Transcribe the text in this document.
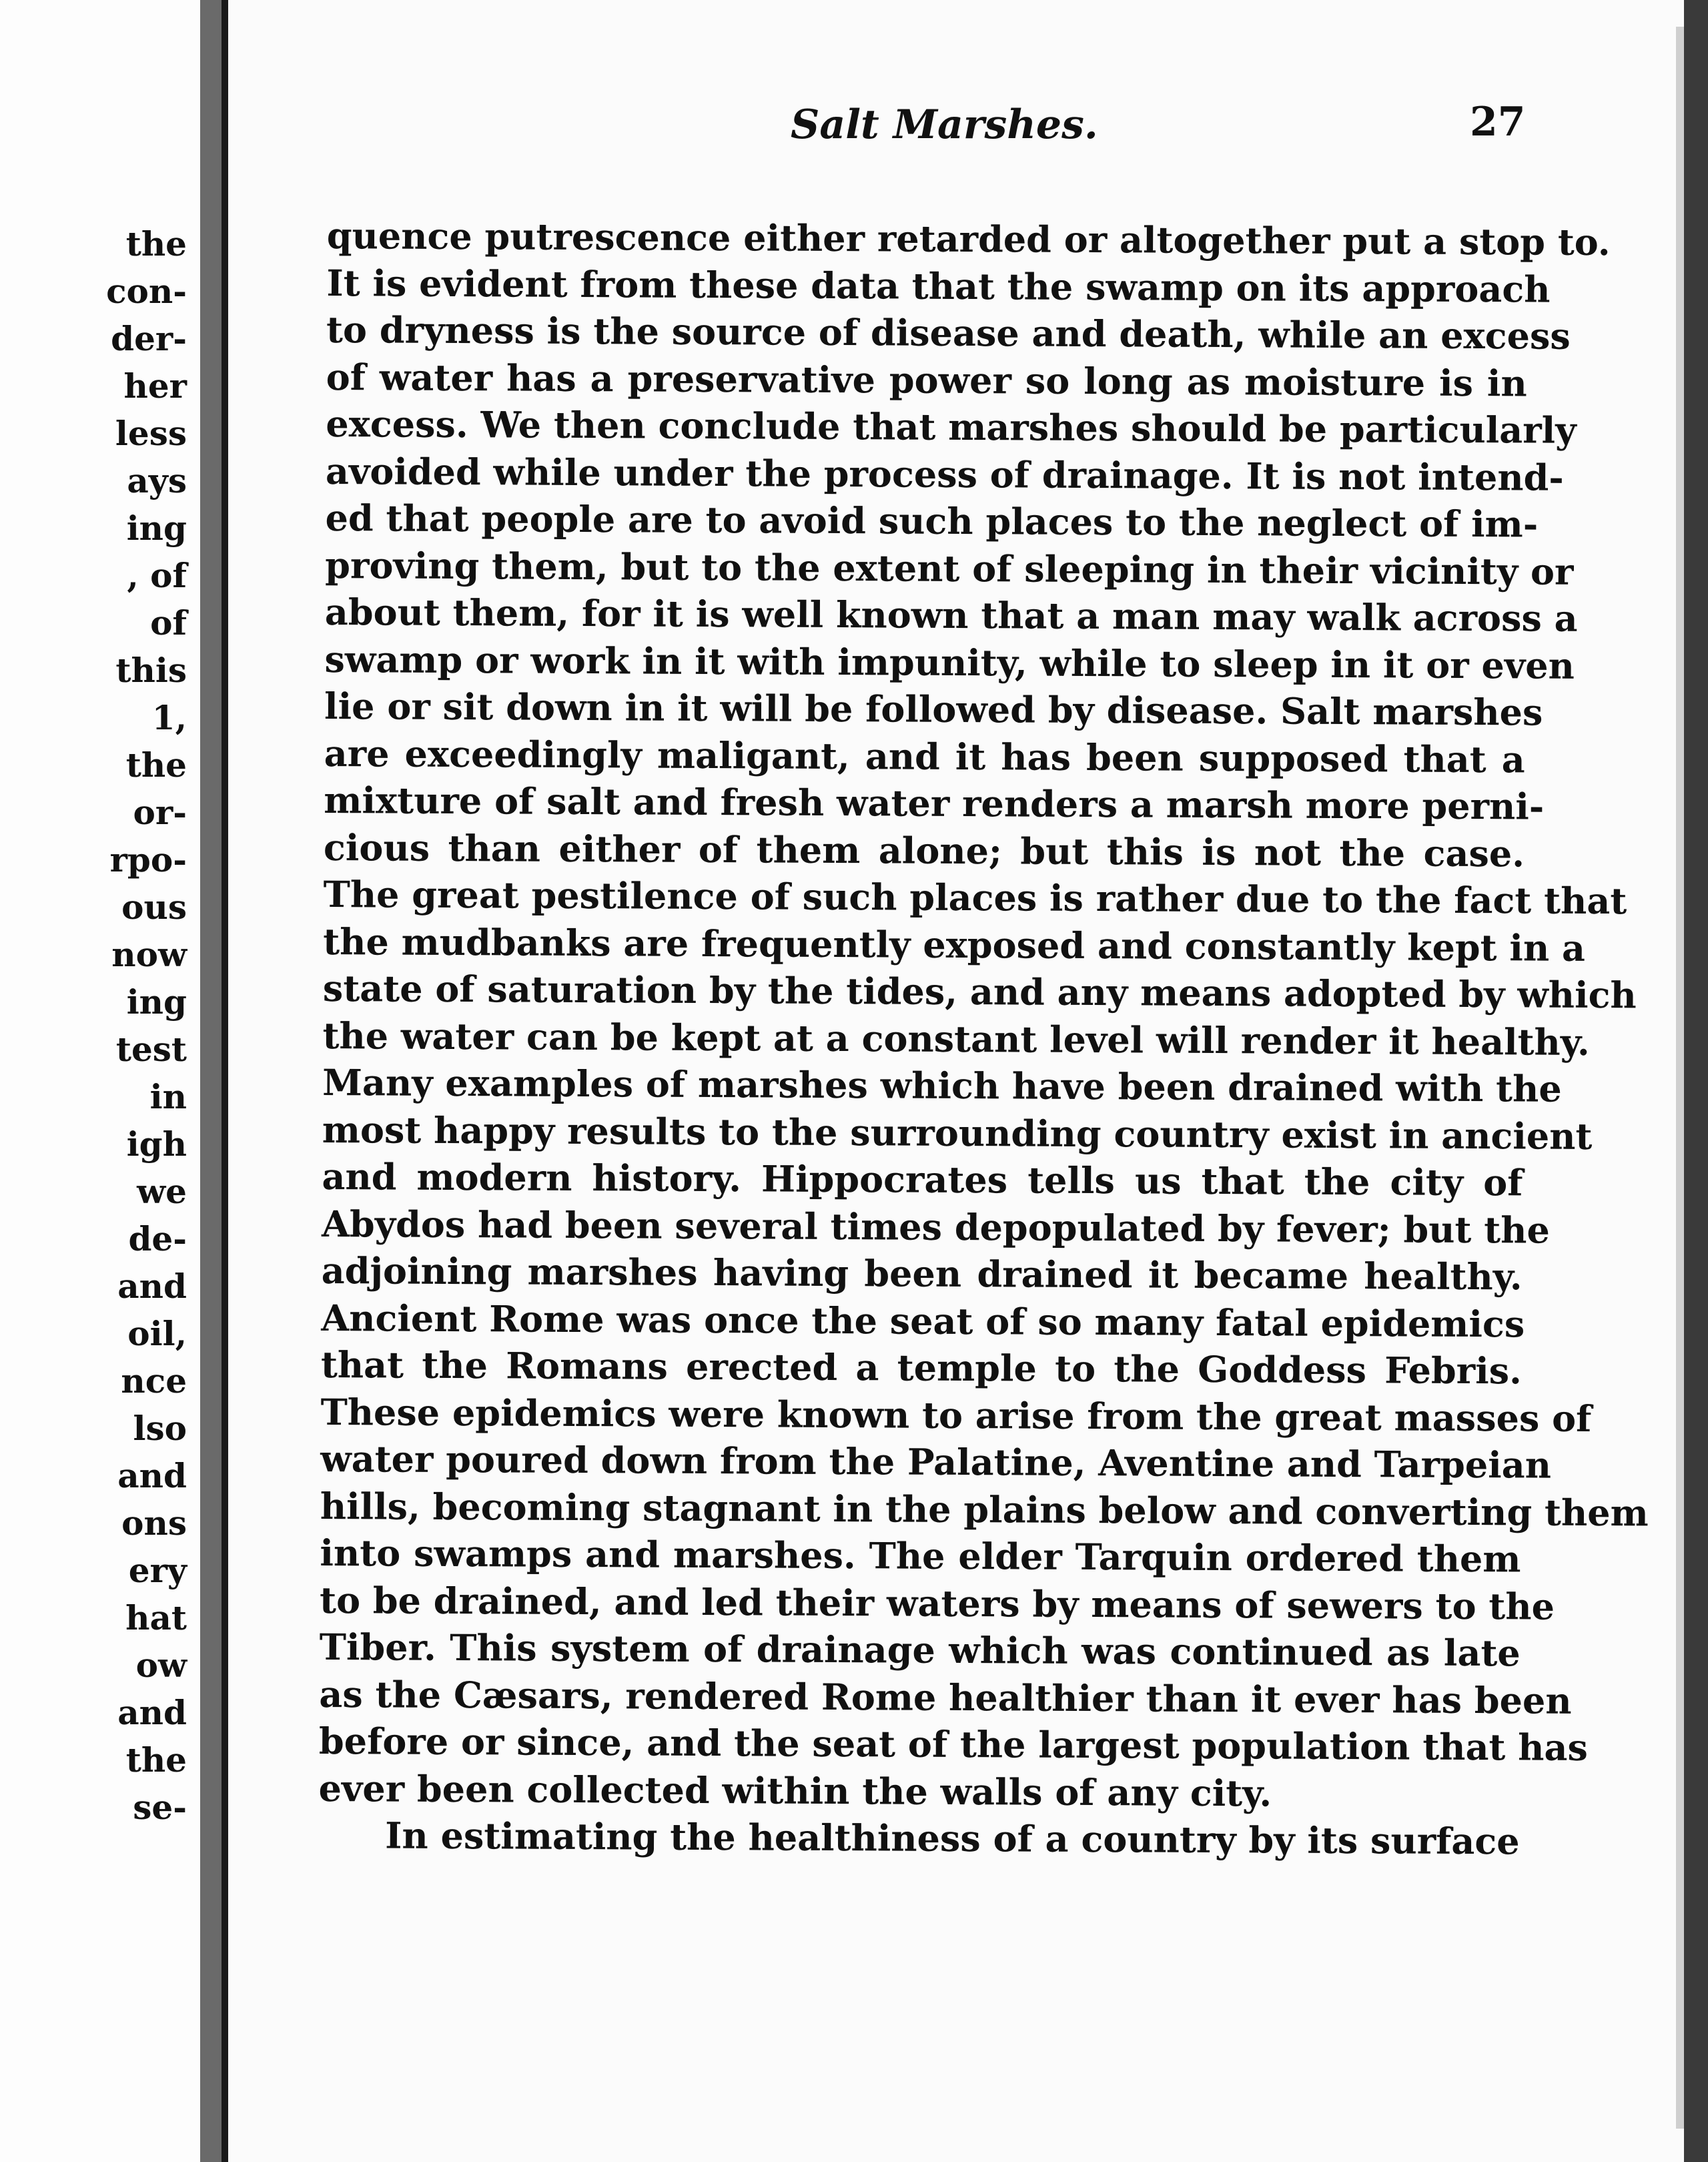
the
con-
der-
her
less
ays
ing
, of
of
this
1,
the
or-
rpo-
ous
now
ing
test
in
igh
we
de-
and
oil,
nce
lso
and
ons
ery
hat
ow
and
the
se-
Salt Marshes.	27
quence putrescence either retarded or altogether put a stop to.
It is evident from these data that the swamp on its approach
to dryness is the source of disease and death, while an excess
of water has a preservative power so long as moisture is in
excess. We then conclude that marshes should be particularly
avoided while under the process of drainage. It is not intend-
ed that people are to avoid such places to the neglect of im-
proving them, but to the extent of sleeping in their vicinity or
about them, for it is well known that a man may walk across a
swamp or work in it with impunity, while to sleep in it or even
lie or sit down in it will be followed by disease. Salt marshes
are exceedingly maligant, and it has been supposed that a
mixture of salt and fresh water renders a marsh more perni-
cious than either of them alone; but this is not the case.
The great pestilence of such places is rather due to the fact that
the mudbanks are frequently exposed and constantly kept in a
state of saturation by the tides, and any means adopted by which
the water can be kept at a constant level will render it healthy.
Many examples of marshes which have been drained with the
most happy results to the surrounding country exist in ancient
and modern history. Hippocrates tells us that the city of
Abydos had been several times depopulated by fever; but the
adjoining marshes having been drained it became healthy.
Ancient Rome was once the seat of so many fatal epidemics
that the Romans erected a temple to the Goddess Febris.
These epidemics were known to arise from the great masses of
water poured down from the Palatine, Aventine and Tarpeian
hills, becoming stagnant in the plains below and converting them
into swamps and marshes. The elder Tarquin ordered them
to be drained, and led their waters by means of sewers to the
Tiber. This system of drainage which was continued as late
as the Cæsars, rendered Rome healthier than it ever has been
before or since, and the seat of the largest population that has
ever been collected within the walls of any city.
In estimating the healthiness of a country by its surface
